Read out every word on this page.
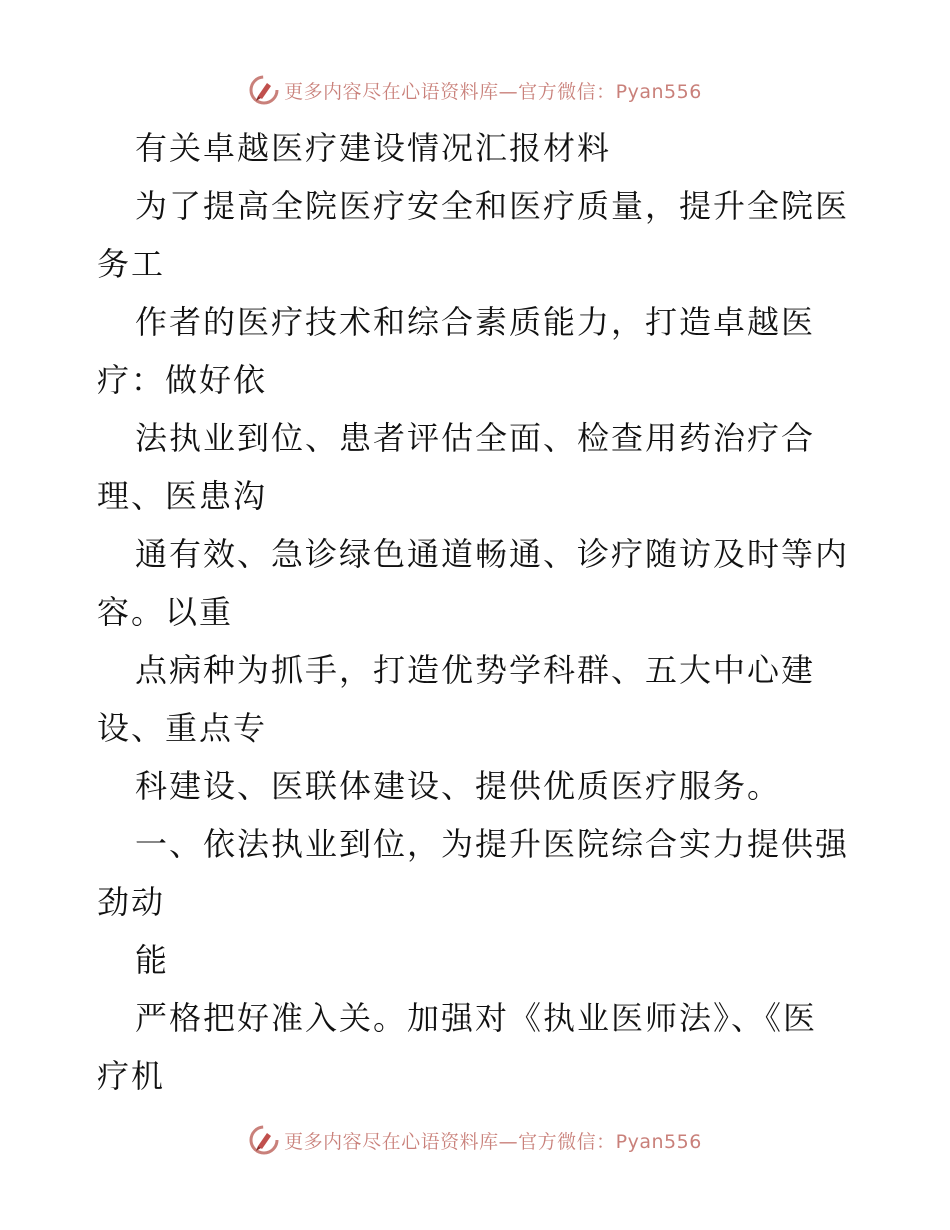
更多内容尽在心语资料库—官方微信：Pyan556
有关卓越医疗建设情况汇报材料
为了提高全院医疗安全和医疗质量，提升全院医
务工
作者的医疗技术和综合素质能力，打造卓越医
疗：做好依
法执业到位、患者评估全面、检查用药治疗合
理、医患沟
通有效、急诊绿色通道畅通、诊疗随访及时等内
容。以重
点病种为抓手，打造优势学科群、五大中心建
设、重点专
科建设、医联体建设、提供优质医疗服务。
一、依法执业到位，为提升医院综合实力提供强
劲动
能
严格把好准入关。加强对《执业医师法》、《医
疗机
更多内容尽在心语资料库—官方微信：Pyan556
